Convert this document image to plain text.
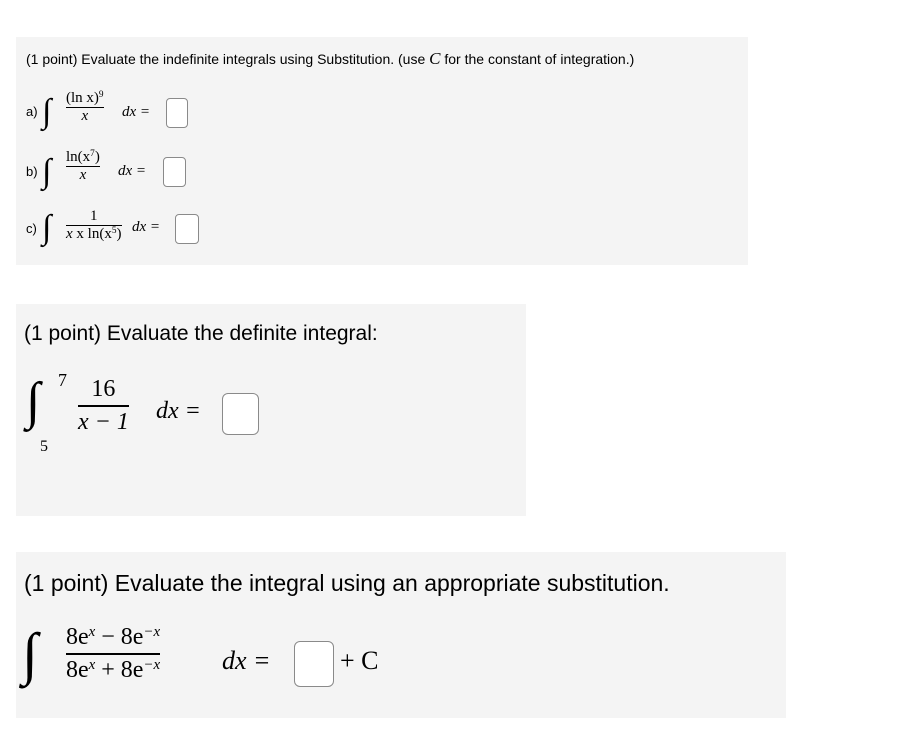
(1 point) Evaluate the indefinite integrals using Substitution. (use C for the constant of integration.)
a) ∫ (ln x)$^9$
x dx =
b) ∫ $\ln(x^7)$
x dx =
c) ∫	1
x x $\ln(x^5)$ dx =
(1 point) Evaluate the definite integral:
∫ 7
5
16
x − 1 dx =
(1 point) Evaluate the integral using an appropriate substitution.
∫ $8e^x - 8e^{-x}$
$8e^x + 8e^{-x}$ dx =	+ C
